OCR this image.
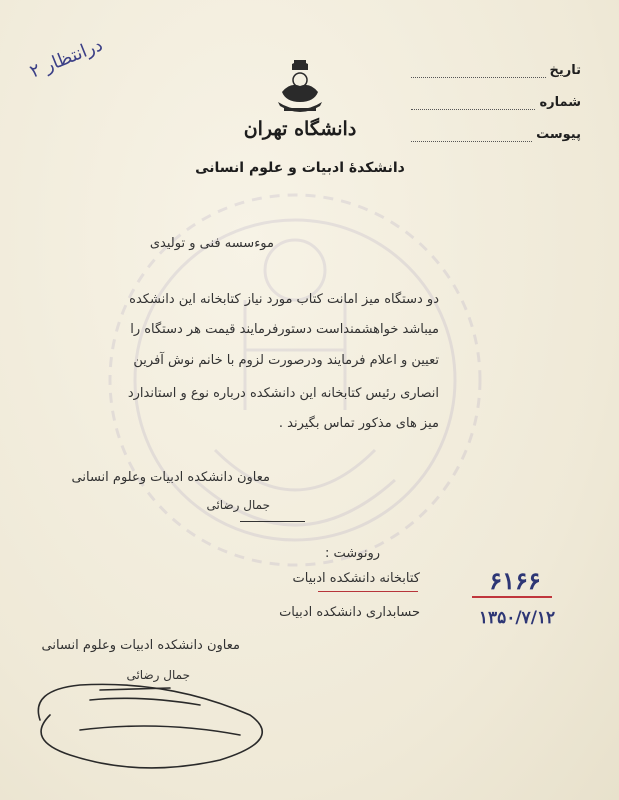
دانشگاه تهران
دانشکدهٔ ادبیات و علوم انسانی
تاریخ
شماره
پیوست
درانتظار ۲
موءسسه فنی و تولیدی
دو دستگاه میز امانت کتاب مورد نیاز کتابخانه این دانشکده
میباشد خواهشمنداست دستورفرمایند قیمت هر دستگاه را
تعیین و اعلام فرمایند ودرصورت لزوم با خانم نوش آفرین
انصاری رئیس کتابخانه این دانشکده درباره نوع و استاندارد
میز های مذکور تماس بگیرند .
معاون دانشکده ادبیات وعلوم انسانی
جمال رضائی
رونوشت :
کتابخانه دانشکده ادبیات
حسابداری دانشکده ادبیات
۶۱۶۶
۱۳۵۰/۷/۱۲
معاون دانشکده ادبیات وعلوم انسانی
جمال رضائی
